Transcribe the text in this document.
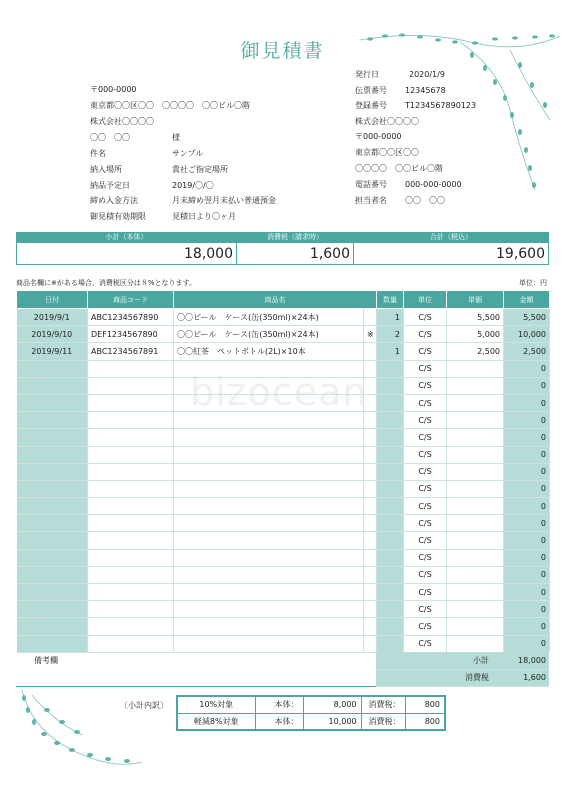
bizocean
御見積書
〒000-0000
東京都〇〇区〇〇　〇〇〇〇　〇〇ビル〇階
株式会社〇〇〇〇
〇〇　〇〇	様
件名	サンプル
納入場所	貴社ご指定場所
納品予定日	2019/〇/〇
締め入金方法	月末締め翌月末払い普通預金
御見積有効期限	見積日より〇ヶ月
発行日	2020/1/9
伝票番号 12345678
登録番号 T1234567890123
株式会社〇〇〇〇
〒000-0000
東京都〇〇区〇〇
〇〇〇〇　〇〇ビル〇階
電話番号 000-000-0000
担当者名 〇〇　〇〇
小計（本体）	消費税（請求時）	合計（税込）
18,000	1,600	19,600
商品名欄に※がある場合、消費税区分は８%となります。	単位：円
日付	商品コード	商品名		数量	単位	単価	金額
2019/9/1	ABC1234567890	〇〇ビール　ケース(缶(350ml)×24本)		1	C/S	5,500	5,500
2019/9/10	DEF1234567890	〇〇ビール　ケース(缶(350ml)×24本)	※	2	C/S	5,000	10,000
2019/9/11	ABC1234567891	〇〇紅茶　ペットボトル(2L)×10本		1	C/S	2,500	2,500
					C/S		0
					C/S		0
					C/S		0
					C/S		0
					C/S		0
					C/S		0
					C/S		0
					C/S		0
					C/S		0
					C/S		0
					C/S		0
					C/S		0
					C/S		0
					C/S		0
					C/S		0
					C/S		0
					C/S		0
備考欄	小計	18,000
	消費税	1,600
〔小計内訳〕	10%対象	本体：	8,000	消費税：	800
軽減8%対象	本体：	10,000	消費税：	800
